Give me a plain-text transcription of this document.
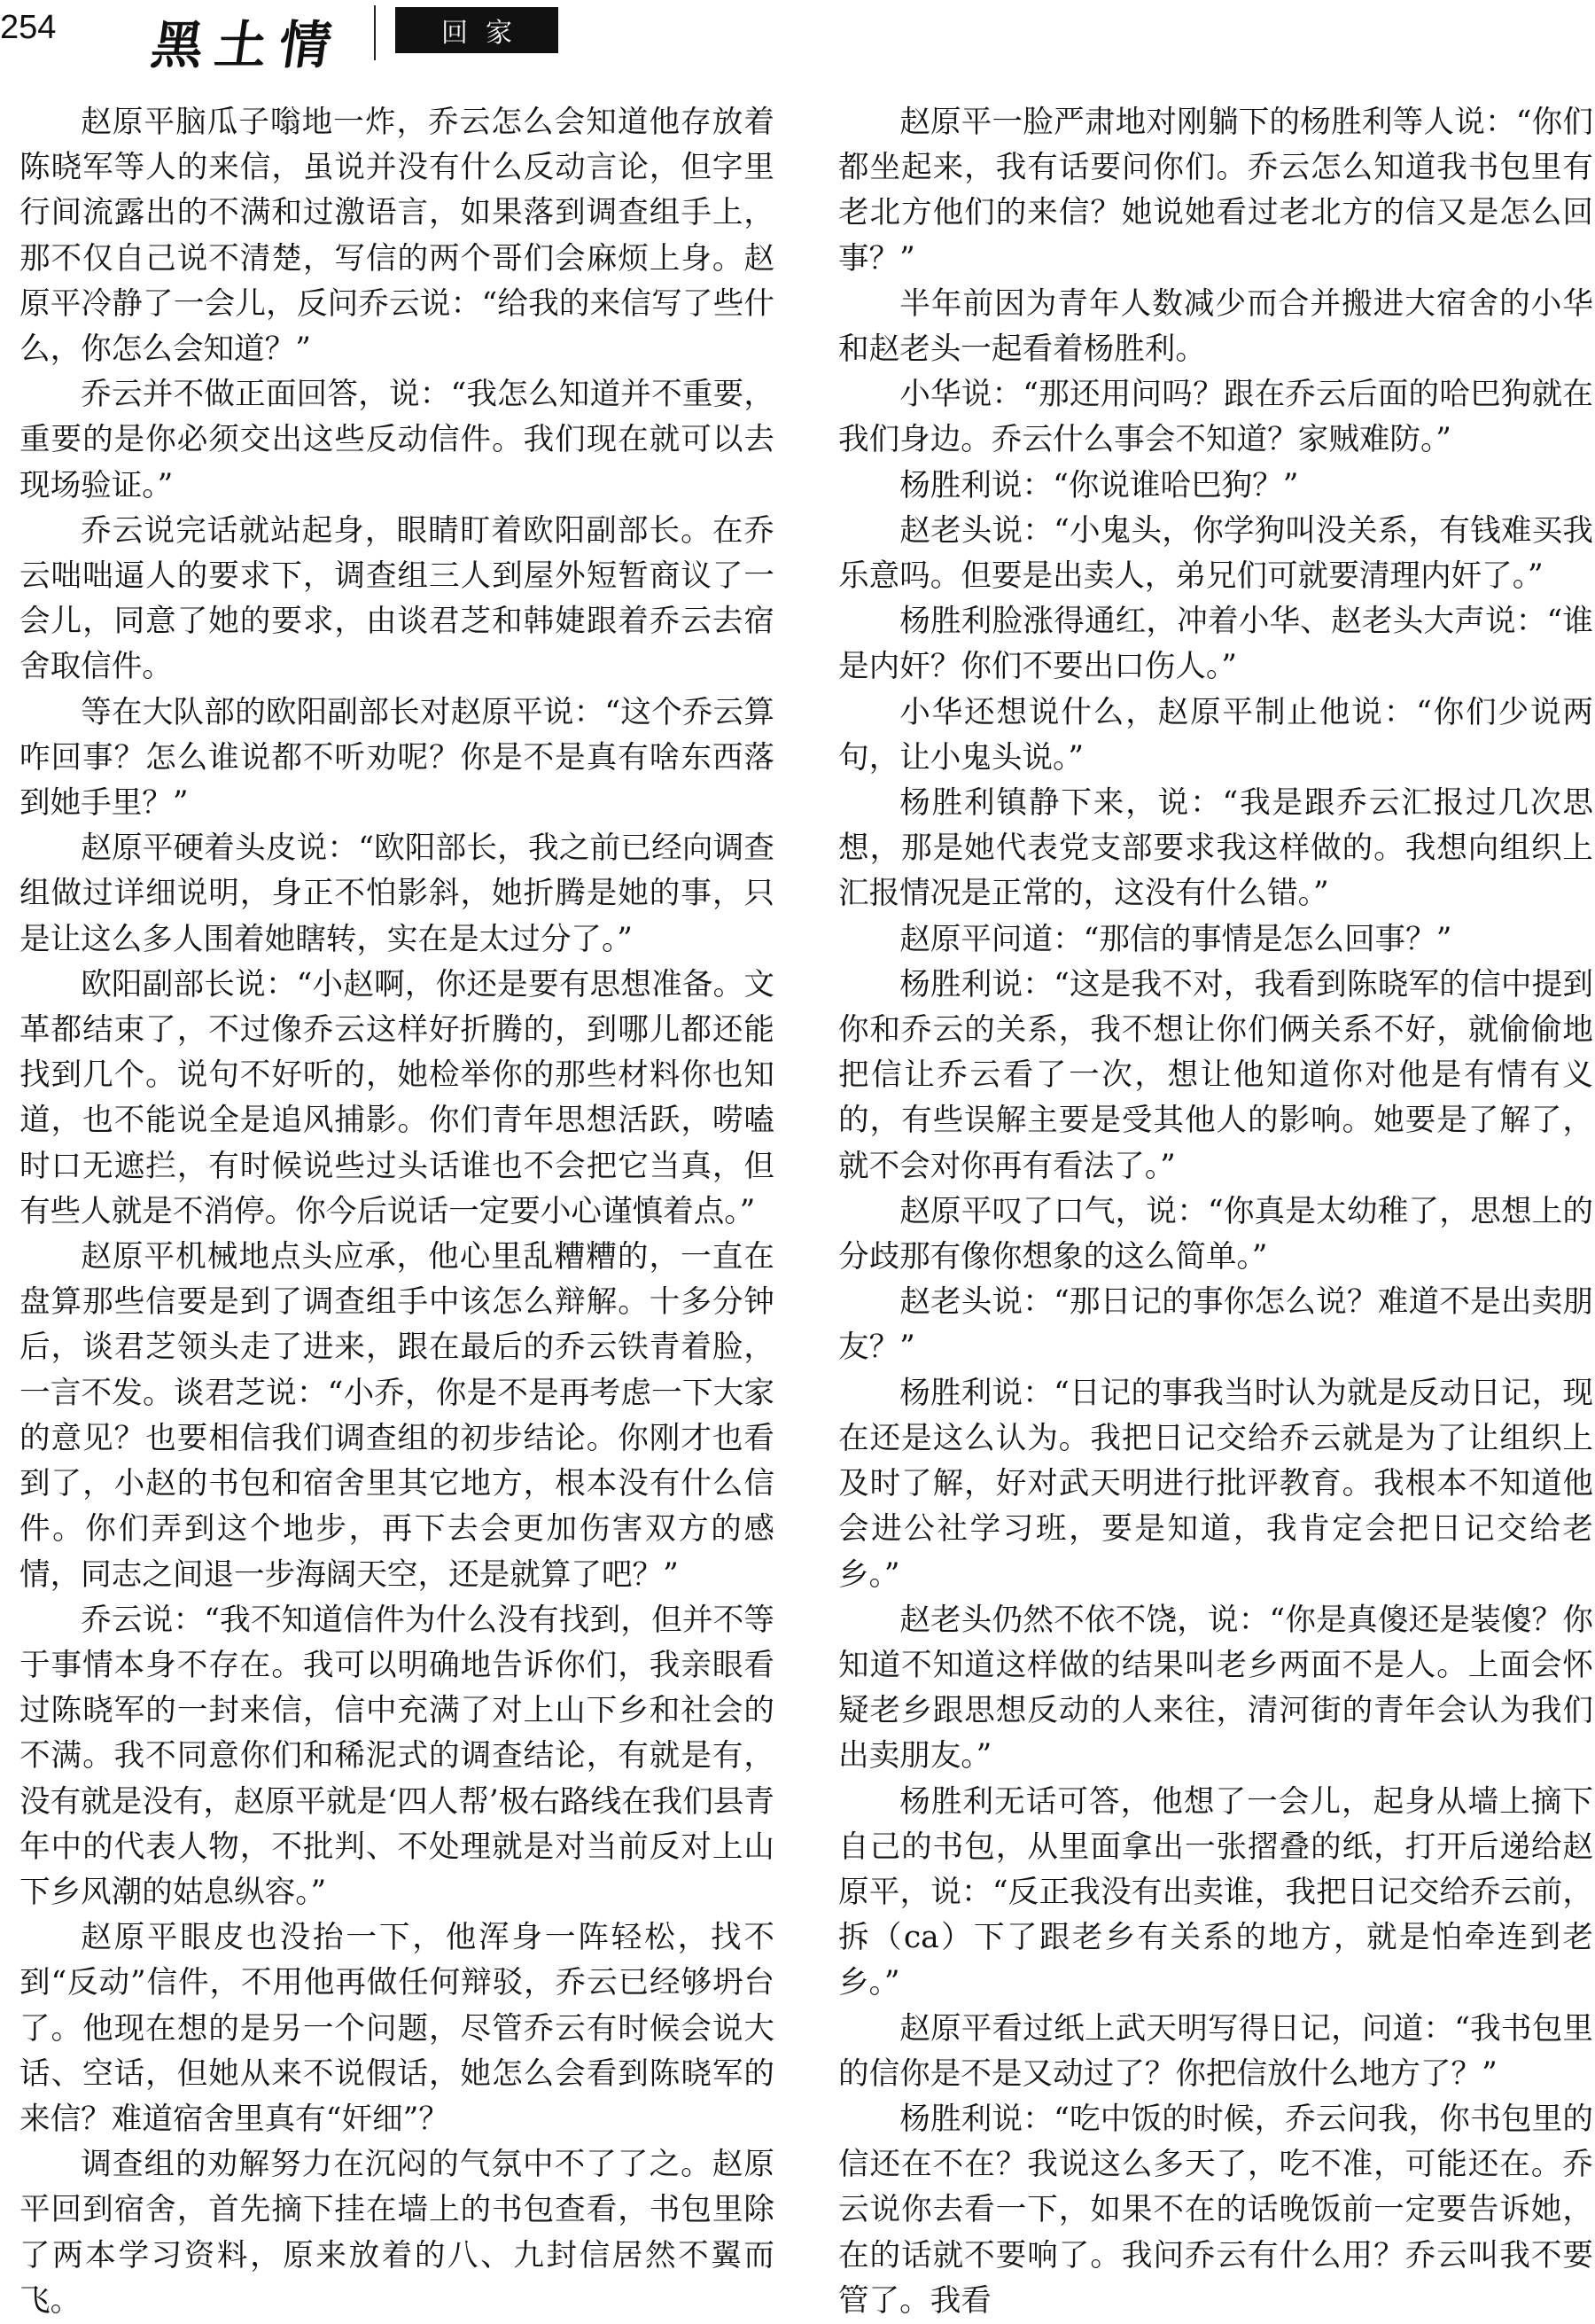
254 黑土情	回家

赵原平脑瓜子嗡地一炸，乔云怎么会知道他存放着陈晓军等人的来信，虽说并没有什么反动言论，但字里行间流露出的不满和过激语言，如果落到调查组手上，那不仅自己说不清楚，写信的两个哥们会麻烦上身。赵原平冷静了一会儿，反问乔云说：“给我的来信写了些什么，你怎么会知道？”

乔云并不做正面回答，说：“我怎么知道并不重要，重要的是你必须交出这些反动信件。我们现在就可以去现场验证。”

乔云说完话就站起身，眼睛盯着欧阳副部长。在乔云咄咄逼人的要求下，调查组三人到屋外短暂商议了一会儿，同意了她的要求，由谈君芝和韩婕跟着乔云去宿舍取信件。

等在大队部的欧阳副部长对赵原平说：“这个乔云算咋回事？怎么谁说都不听劝呢？你是不是真有啥东西落到她手里？”

赵原平硬着头皮说：“欧阳部长，我之前已经向调查组做过详细说明，身正不怕影斜，她折腾是她的事，只是让这么多人围着她瞎转，实在是太过分了。”

欧阳副部长说：“小赵啊，你还是要有思想准备。文革都结束了，不过像乔云这样好折腾的，到哪儿都还能找到几个。说句不好听的，她检举你的那些材料你也知道，也不能说全是追风捕影。你们青年思想活跃，唠嗑时口无遮拦，有时候说些过头话谁也不会把它当真，但有些人就是不消停。你今后说话一定要小心谨慎着点。”

赵原平机械地点头应承，他心里乱糟糟的，一直在盘算那些信要是到了调查组手中该怎么辩解。十多分钟后，谈君芝领头走了进来，跟在最后的乔云铁青着脸，一言不发。谈君芝说：“小乔，你是不是再考虑一下大家的意见？也要相信我们调查组的初步结论。你刚才也看到了，小赵的书包和宿舍里其它地方，根本没有什么信件。你们弄到这个地步，再下去会更加伤害双方的感情，同志之间退一步海阔天空，还是就算了吧？”

乔云说：“我不知道信件为什么没有找到，但并不等于事情本身不存在。我可以明确地告诉你们，我亲眼看过陈晓军的一封来信，信中充满了对上山下乡和社会的不满。我不同意你们和稀泥式的调查结论，有就是有，没有就是没有，赵原平就是‘四人帮’极右路线在我们县青年中的代表人物，不批判、不处理就是对当前反对上山下乡风潮的姑息纵容。”

赵原平眼皮也没抬一下，他浑身一阵轻松，找不到“反动”信件，不用他再做任何辩驳，乔云已经够坍台了。他现在想的是另一个问题，尽管乔云有时候会说大话、空话，但她从来不说假话，她怎么会看到陈晓军的来信？难道宿舍里真有“奸细”？

调查组的劝解努力在沉闷的气氛中不了了之。赵原平回到宿舍，首先摘下挂在墙上的书包查看，书包里除了两本学习资料，原来放着的八、九封信居然不翼而飞。

赵原平一脸严肃地对刚躺下的杨胜利等人说：“你们都坐起来，我有话要问你们。乔云怎么知道我书包里有老北方他们的来信？她说她看过老北方的信又是怎么回事？”

半年前因为青年人数减少而合并搬进大宿舍的小华和赵老头一起看着杨胜利。

小华说：“那还用问吗？跟在乔云后面的哈巴狗就在我们身边。乔云什么事会不知道？家贼难防。”

杨胜利说：“你说谁哈巴狗？”

赵老头说：“小鬼头，你学狗叫没关系，有钱难买我乐意吗。但要是出卖人，弟兄们可就要清理内奸了。”

杨胜利脸涨得通红，冲着小华、赵老头大声说：“谁是内奸？你们不要出口伤人。”

小华还想说什么，赵原平制止他说：“你们少说两句，让小鬼头说。”

杨胜利镇静下来，说：“我是跟乔云汇报过几次思想，那是她代表党支部要求我这样做的。我想向组织上汇报情况是正常的，这没有什么错。”

赵原平问道：“那信的事情是怎么回事？”

杨胜利说：“这是我不对，我看到陈晓军的信中提到你和乔云的关系，我不想让你们俩关系不好，就偷偷地把信让乔云看了一次，想让他知道你对他是有情有义的，有些误解主要是受其他人的影响。她要是了解了，就不会对你再有看法了。”

赵原平叹了口气，说：“你真是太幼稚了，思想上的分歧那有像你想象的这么简单。”

赵老头说：“那日记的事你怎么说？难道不是出卖朋友？”

杨胜利说：“日记的事我当时认为就是反动日记，现在还是这么认为。我把日记交给乔云就是为了让组织上及时了解，好对武天明进行批评教育。我根本不知道他会进公社学习班，要是知道，我肯定会把日记交给老乡。”

赵老头仍然不依不饶，说：“你是真傻还是装傻？你知道不知道这样做的结果叫老乡两面不是人。上面会怀疑老乡跟思想反动的人来往，清河街的青年会认为我们出卖朋友。”

杨胜利无话可答，他想了一会儿，起身从墙上摘下自己的书包，从里面拿出一张摺叠的纸，打开后递给赵原平，说：“反正我没有出卖谁，我把日记交给乔云前，拆（ca）下了跟老乡有关系的地方，就是怕牵连到老乡。”

赵原平看过纸上武天明写得日记，问道：“我书包里的信你是不是又动过了？你把信放什么地方了？”

杨胜利说：“吃中饭的时候，乔云问我，你书包里的信还在不在？我说这么多天了，吃不准，可能还在。乔云说你去看一下，如果不在的话晚饭前一定要告诉她，在的话就不要响了。我问乔云有什么用？乔云叫我不要管了。我看
